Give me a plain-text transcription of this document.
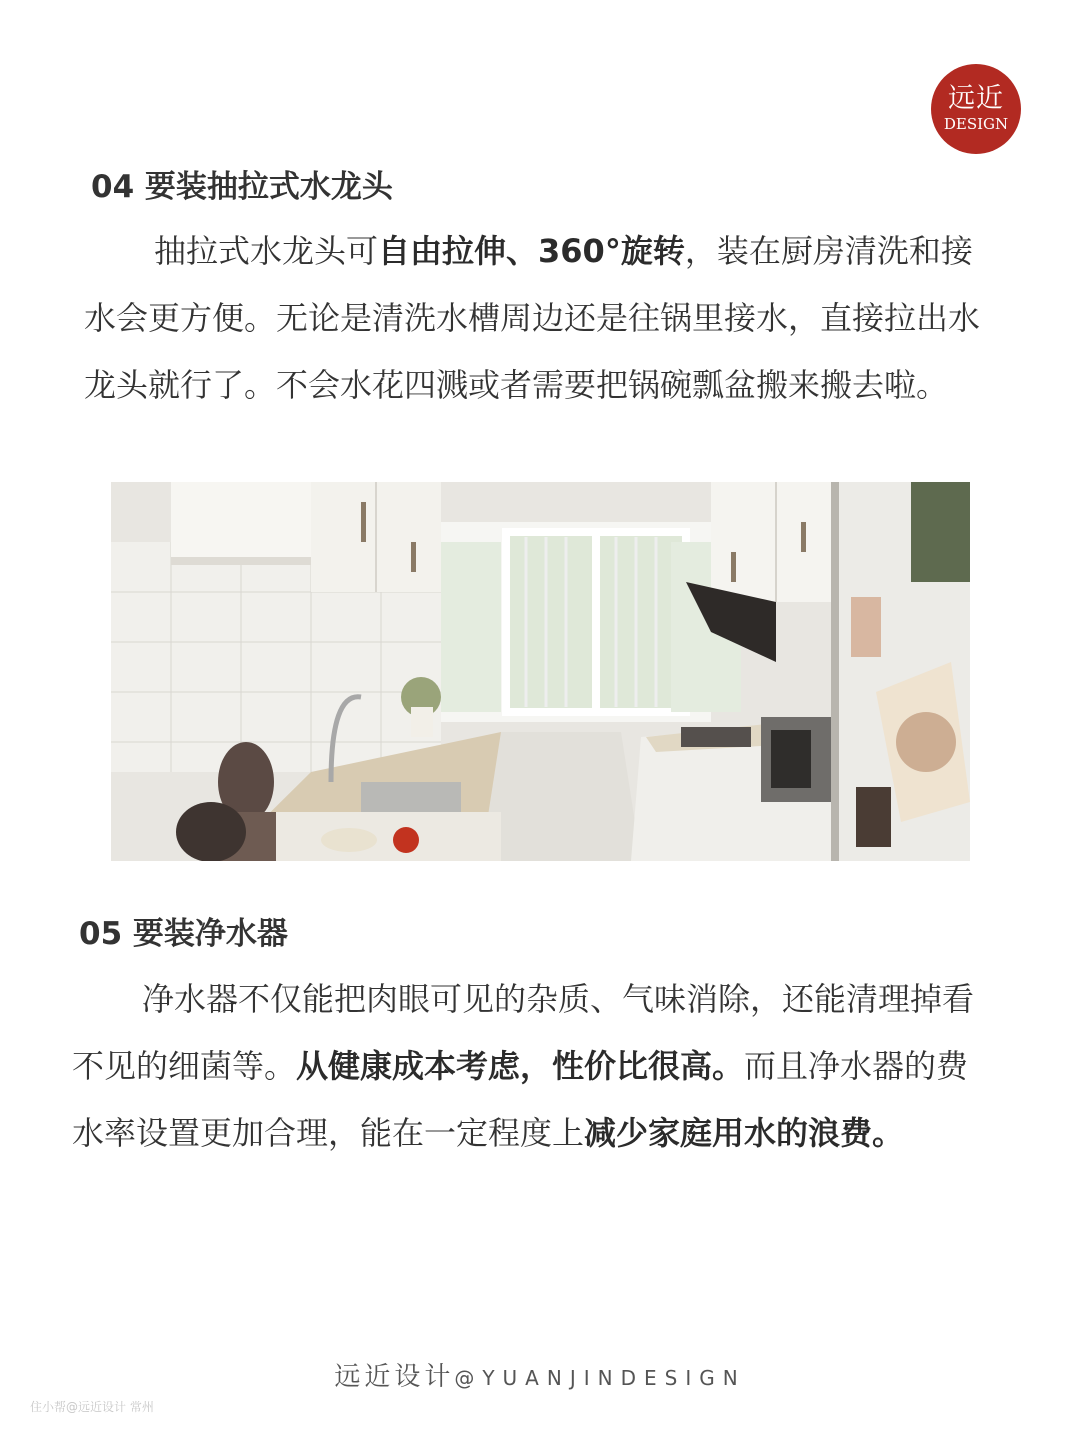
远近
DESIGN
04 要装抽拉式水龙头

抽拉式水龙头可自由拉伸、360°旋转，装在厨房清洗和接水会更方便。无论是清洗水槽周边还是往锅里接水，直接拉出水龙头就行了。不会水花四溅或者需要把锅碗瓢盆搬来搬去啦。

05 要装净水器

净水器不仅能把肉眼可见的杂质、气味消除，还能清理掉看不见的细菌等。从健康成本考虑，性价比很高。而且净水器的费水率设置更加合理，能在一定程度上减少家庭用水的浪费。

远近设计@YUANJINDESIGN
住小帮@远近设计 常州
